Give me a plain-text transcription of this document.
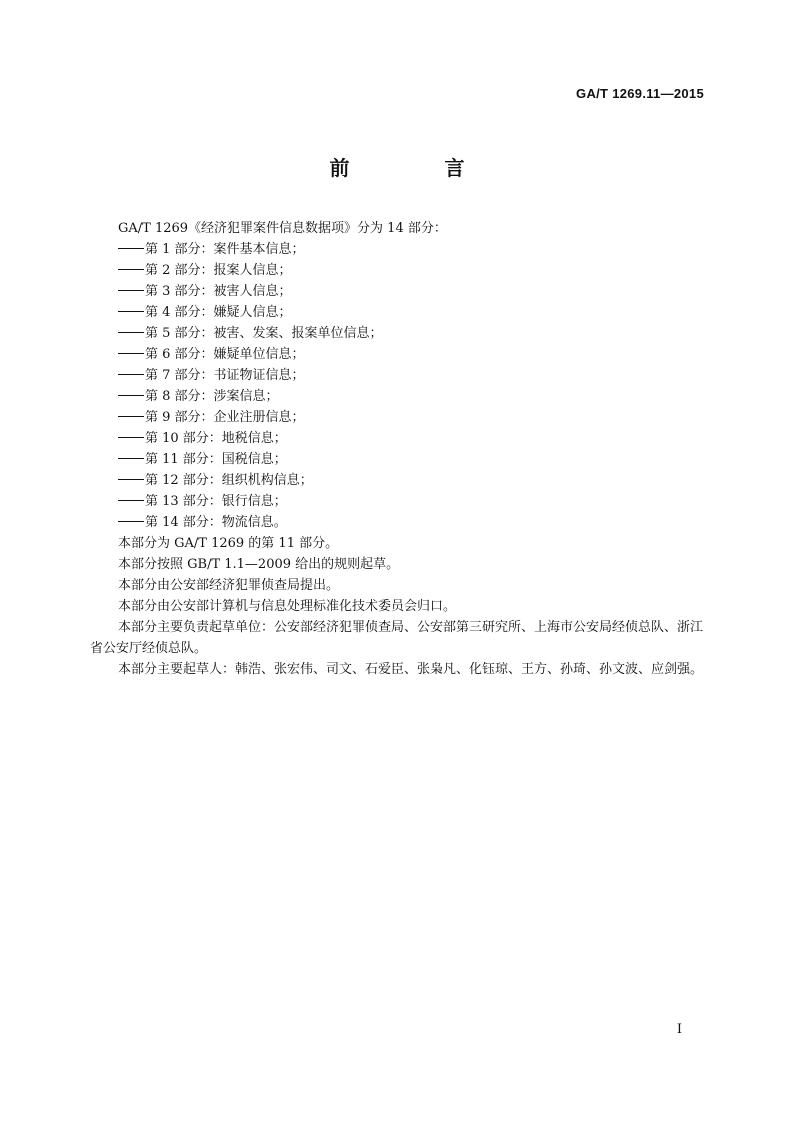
GA/T 1269.11—2015
前 言

GA/T 1269《经济犯罪案件信息数据项》分为 14 部分：

第 1 部分：案件基本信息；
第 2 部分：报案人信息；
第 3 部分：被害人信息；
第 4 部分：嫌疑人信息；
第 5 部分：被害、发案、报案单位信息；
第 6 部分：嫌疑单位信息；
第 7 部分：书证物证信息；
第 8 部分：涉案信息；
第 9 部分：企业注册信息；
第 10 部分：地税信息；
第 11 部分：国税信息；
第 12 部分：组织机构信息；
第 13 部分：银行信息；
第 14 部分：物流信息。

本部分为 GA/T 1269 的第 11 部分。

本部分按照 GB/T 1.1—2009 给出的规则起草。

本部分由公安部经济犯罪侦查局提出。

本部分由公安部计算机与信息处理标准化技术委员会归口。

本部分主要负责起草单位：公安部经济犯罪侦查局、公安部第三研究所、上海市公安局经侦总队、浙江省公安厅经侦总队。

本部分主要起草人：韩浩、张宏伟、司文、石爱臣、张枭凡、化钰琼、王方、孙琦、孙文波、应剑强。

I
